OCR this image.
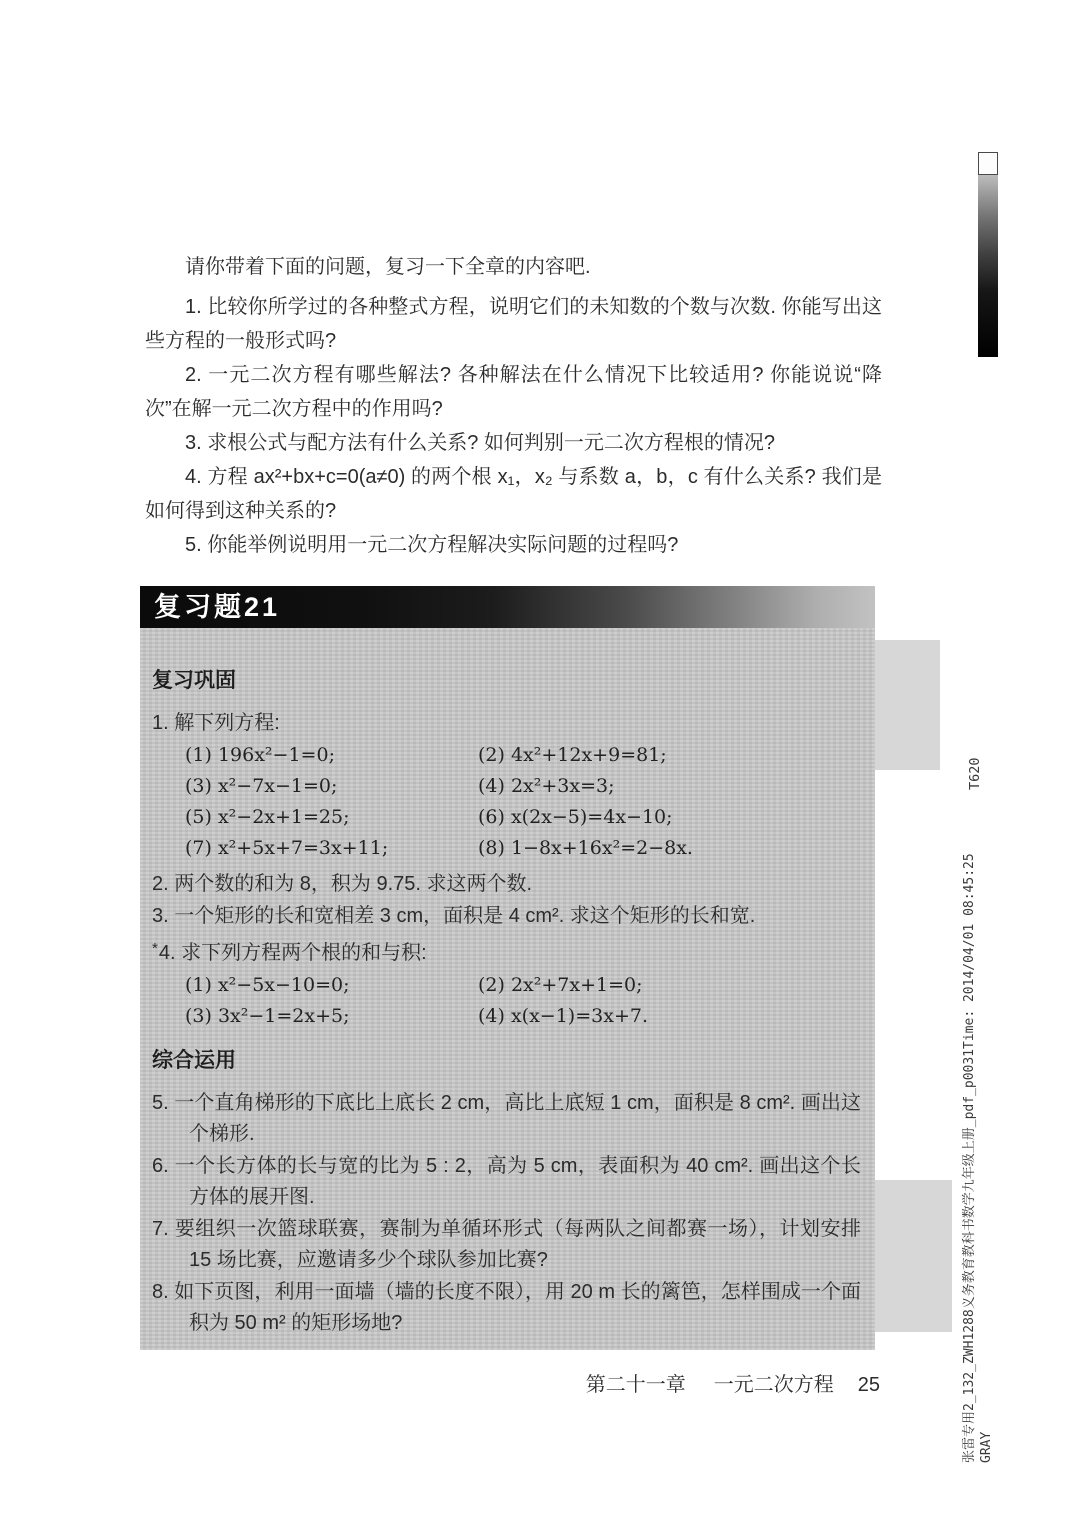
请你带着下面的问题，复习一下全章的内容吧.

1. 比较你所学过的各种整式方程，说明它们的未知数的个数与次数. 你能写出这些方程的一般形式吗?

2. 一元二次方程有哪些解法? 各种解法在什么情况下比较适用? 你能说说“降次”在解一元二次方程中的作用吗?

3. 求根公式与配方法有什么关系? 如何判别一元二次方程根的情况?

4. 方程 ax²+bx+c=0(a≠0) 的两个根 x₁，x₂ 与系数 a，b，c 有什么关系? 我们是如何得到这种关系的?

5. 你能举例说明用一元二次方程解决实际问题的过程吗?

复习题21
复习巩固

1. 解下列方程:

(1) 196x²−1=0;	(2) 4x²+12x+9=81;
(3) x²−7x−1=0;	(4) 2x²+3x=3;
(5) x²−2x+1=25;	(6) x(2x−5)=4x−10;
(7) x²+5x+7=3x+11;	(8) 1−8x+16x²=2−8x.

2. 两个数的和为 8，积为 9.75. 求这两个数.

3. 一个矩形的长和宽相差 3 cm，面积是 4 cm². 求这个矩形的长和宽.

*4. 求下列方程两个根的和与积:

(1) x²−5x−10=0;	(2) 2x²+7x+1=0;
(3) 3x²−1=2x+5;	(4) x(x−1)=3x+7.
综合运用

5. 一个直角梯形的下底比上底长 2 cm，高比上底短 1 cm，面积是 8 cm². 画出这个梯形.

6. 一个长方体的长与宽的比为 5 : 2，高为 5 cm，表面积为 40 cm². 画出这个长方体的展开图.

7. 要组织一次篮球联赛，赛制为单循环形式（每两队之间都赛一场），计划安排 15 场比赛，应邀请多少个球队参加比赛?

8. 如下页图，利用一面墙（墙的长度不限），用 20 m 长的篱笆，怎样围成一个面积为 50 m² 的矩形场地?

第二十一章 一元二次方程 25
T620
张雷专用2_132_ZWH1288义务教育教科书数学九年级上册_pdf_p0031Time: 2014/04/01 08:45:25 GRAY
